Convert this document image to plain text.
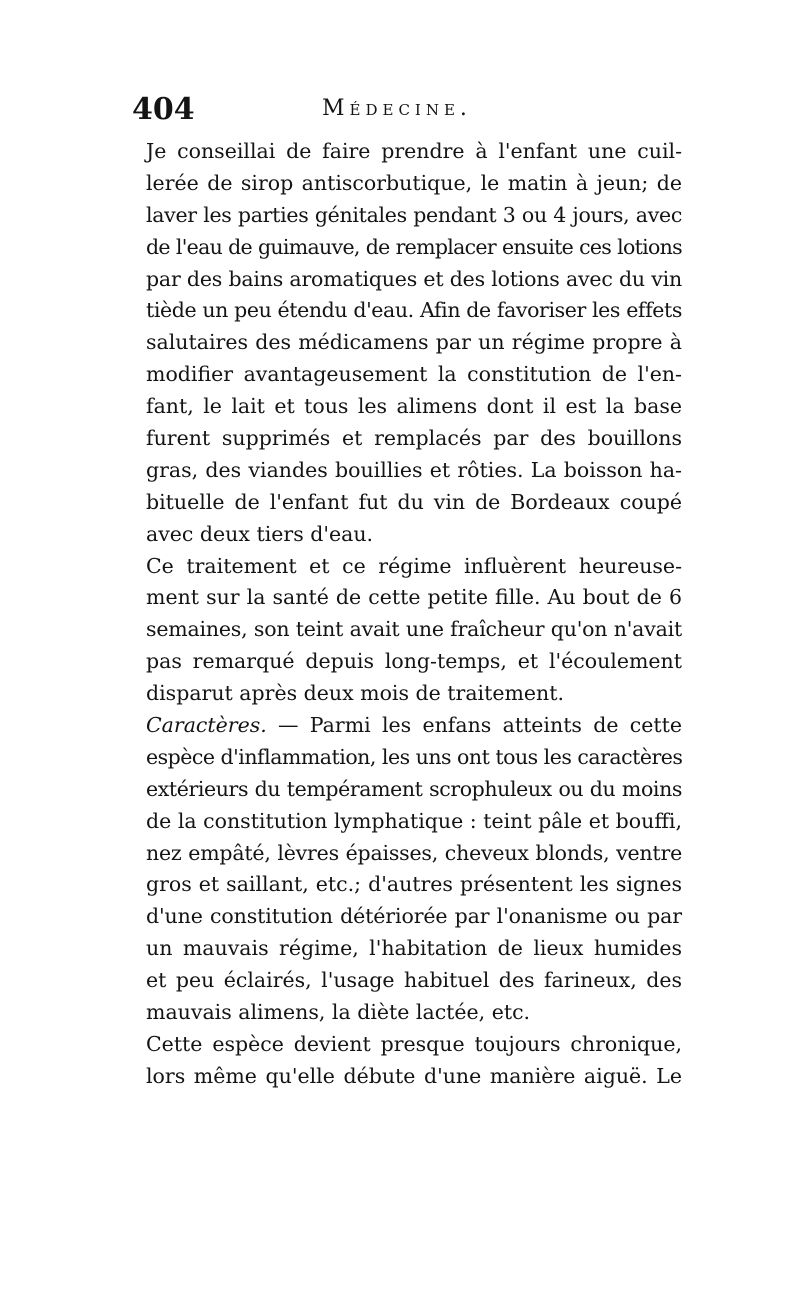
404	Médecine.
Je conseillai de faire prendre à l'enfant une cuil-
lerée de sirop antiscorbutique, le matin à jeun; de
laver les parties génitales pendant 3 ou 4 jours, avec
de l'eau de guimauve, de remplacer ensuite ces lotions
par des bains aromatiques et des lotions avec du vin
tiède un peu étendu d'eau. Afin de favoriser les effets
salutaires des médicamens par un régime propre à
modifier avantageusement la constitution de l'en-
fant, le lait et tous les alimens dont il est la base
furent supprimés et remplacés par des bouillons
gras, des viandes bouillies et rôties. La boisson ha-
bituelle de l'enfant fut du vin de Bordeaux coupé
avec deux tiers d'eau.
Ce traitement et ce régime influèrent heureuse-
ment sur la santé de cette petite fille. Au bout de 6
semaines, son teint avait une fraîcheur qu'on n'avait
pas remarqué depuis long-temps, et l'écoulement
disparut après deux mois de traitement.
Caractères. — Parmi les enfans atteints de cette
espèce d'inflammation, les uns ont tous les caractères
extérieurs du tempérament scrophuleux ou du moins
de la constitution lymphatique : teint pâle et bouffi,
nez empâté, lèvres épaisses, cheveux blonds, ventre
gros et saillant, etc.; d'autres présentent les signes
d'une constitution détériorée par l'onanisme ou par
un mauvais régime, l'habitation de lieux humides
et peu éclairés, l'usage habituel des farineux, des
mauvais alimens, la diète lactée, etc.
Cette espèce devient presque toujours chronique,
lors même qu'elle débute d'une manière aiguë. Le
